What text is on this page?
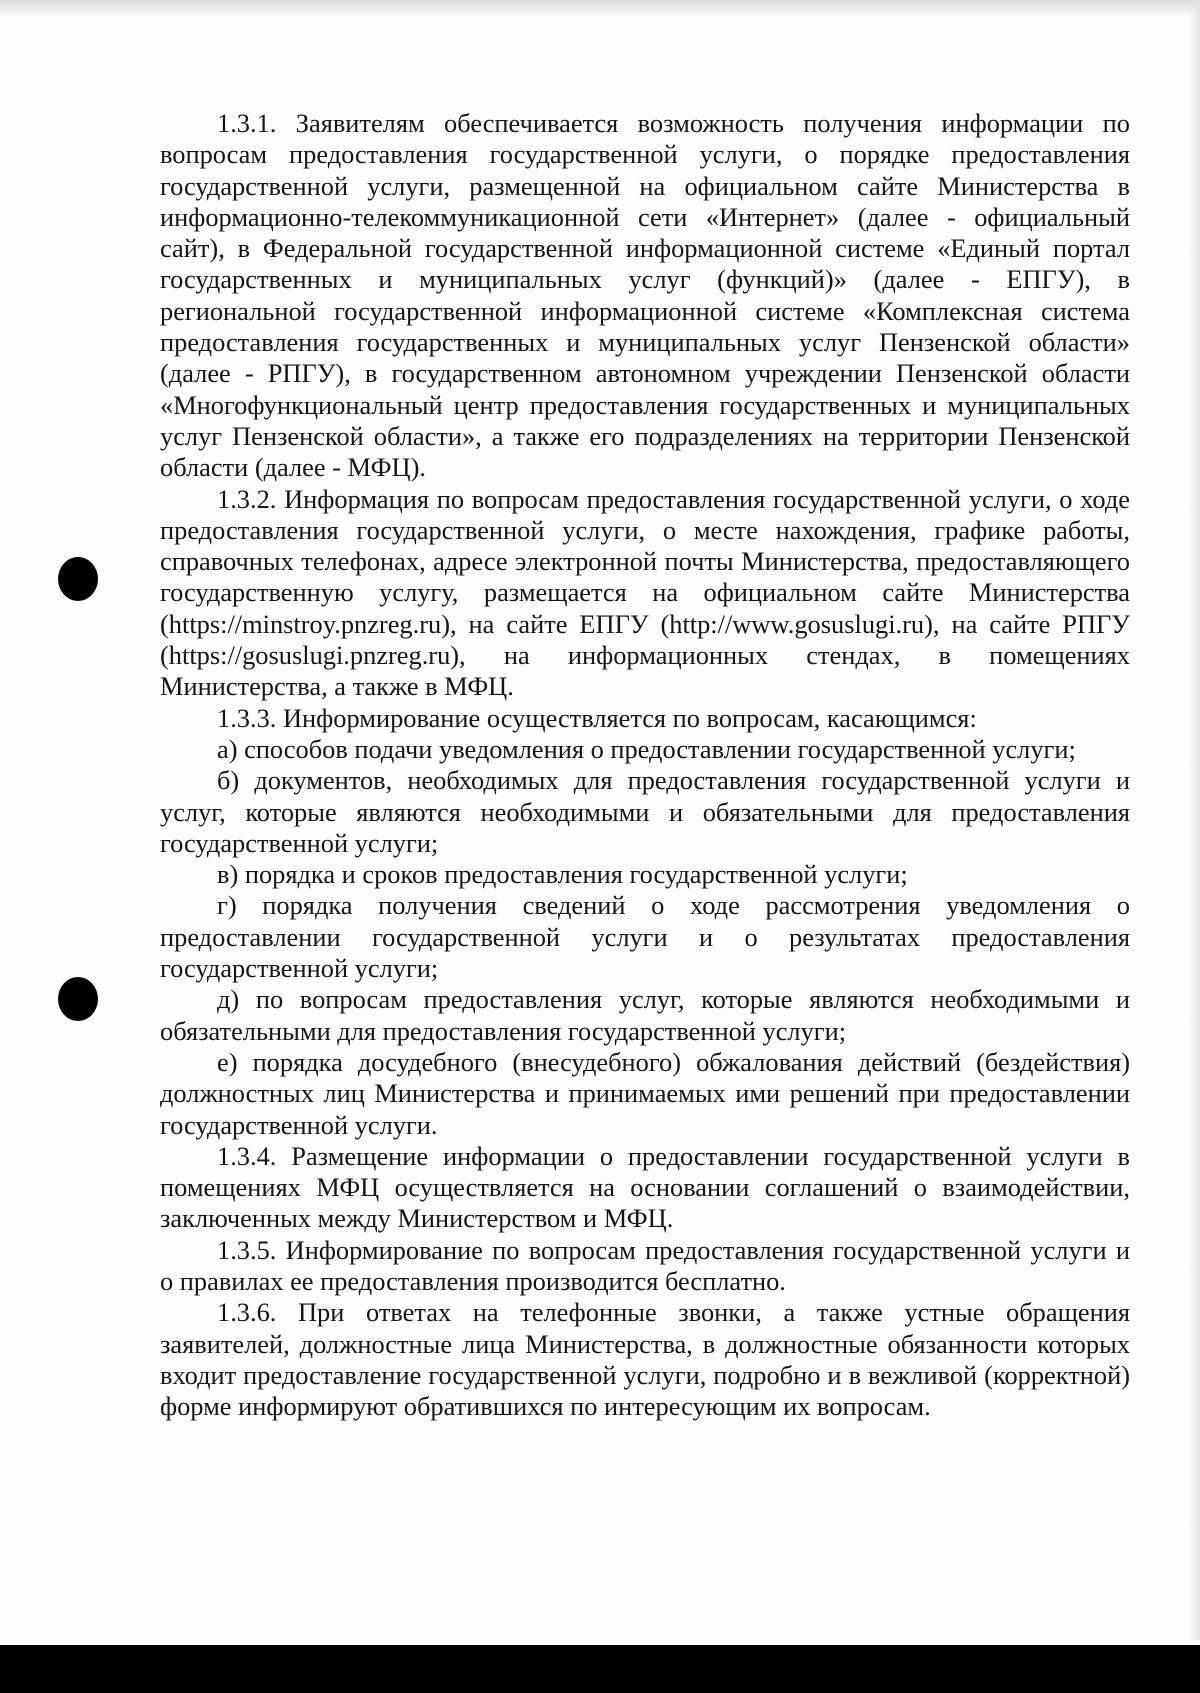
1.3.1. Заявителям обеспечивается возможность получения информации по вопросам предоставления государственной услуги, о порядке предоставления государственной услуги, размещенной на официальном сайте Министерства в информационно-телекоммуникационной сети «Интернет» (далее - официальный сайт), в Федеральной государственной информационной системе «Единый портал государственных и муниципальных услуг (функций)» (далее - ЕПГУ), в региональной государственной информационной системе «Комплексная система предоставления государственных и муниципальных услуг Пензенской области» (далее - РПГУ), в государственном автономном учреждении Пензенской области «Многофункциональный центр предоставления государственных и муниципальных услуг Пензенской области», а также его подразделениях на территории Пензенской области (далее - МФЦ).

1.3.2. Информация по вопросам предоставления государственной услуги, о ходе предоставления государственной услуги, о месте нахождения, графике работы, справочных телефонах, адресе электронной почты Министерства, предоставляющего государственную услугу, размещается на официальном сайте Министерства (https://minstroy.pnzreg.ru), на сайте ЕПГУ (http://www.gosuslugi.ru), на сайте РПГУ (https://gosuslugi.pnzreg.ru), на информационных стендах, в помещениях Министерства, а также в МФЦ.

1.3.3. Информирование осуществляется по вопросам, касающимся:

а) способов подачи уведомления о предоставлении государственной услуги;

б) документов, необходимых для предоставления государственной услуги и услуг, которые являются необходимыми и обязательными для предоставления государственной услуги;

в) порядка и сроков предоставления государственной услуги;

г) порядка получения сведений о ходе рассмотрения уведомления о предоставлении государственной услуги и о результатах предоставления государственной услуги;

д) по вопросам предоставления услуг, которые являются необходимыми и обязательными для предоставления государственной услуги;

е) порядка досудебного (внесудебного) обжалования действий (бездействия) должностных лиц Министерства и принимаемых ими решений при предоставлении государственной услуги.

1.3.4. Размещение информации о предоставлении государственной услуги в помещениях МФЦ осуществляется на основании соглашений о взаимодействии, заключенных между Министерством и МФЦ.

1.3.5. Информирование по вопросам предоставления государственной услуги и о правилах ее предоставления производится бесплатно.

1.3.6. При ответах на телефонные звонки, а также устные обращения заявителей, должностные лица Министерства, в должностные обязанности которых входит предоставление государственной услуги, подробно и в вежливой (корректной) форме информируют обратившихся по интересующим их вопросам.
